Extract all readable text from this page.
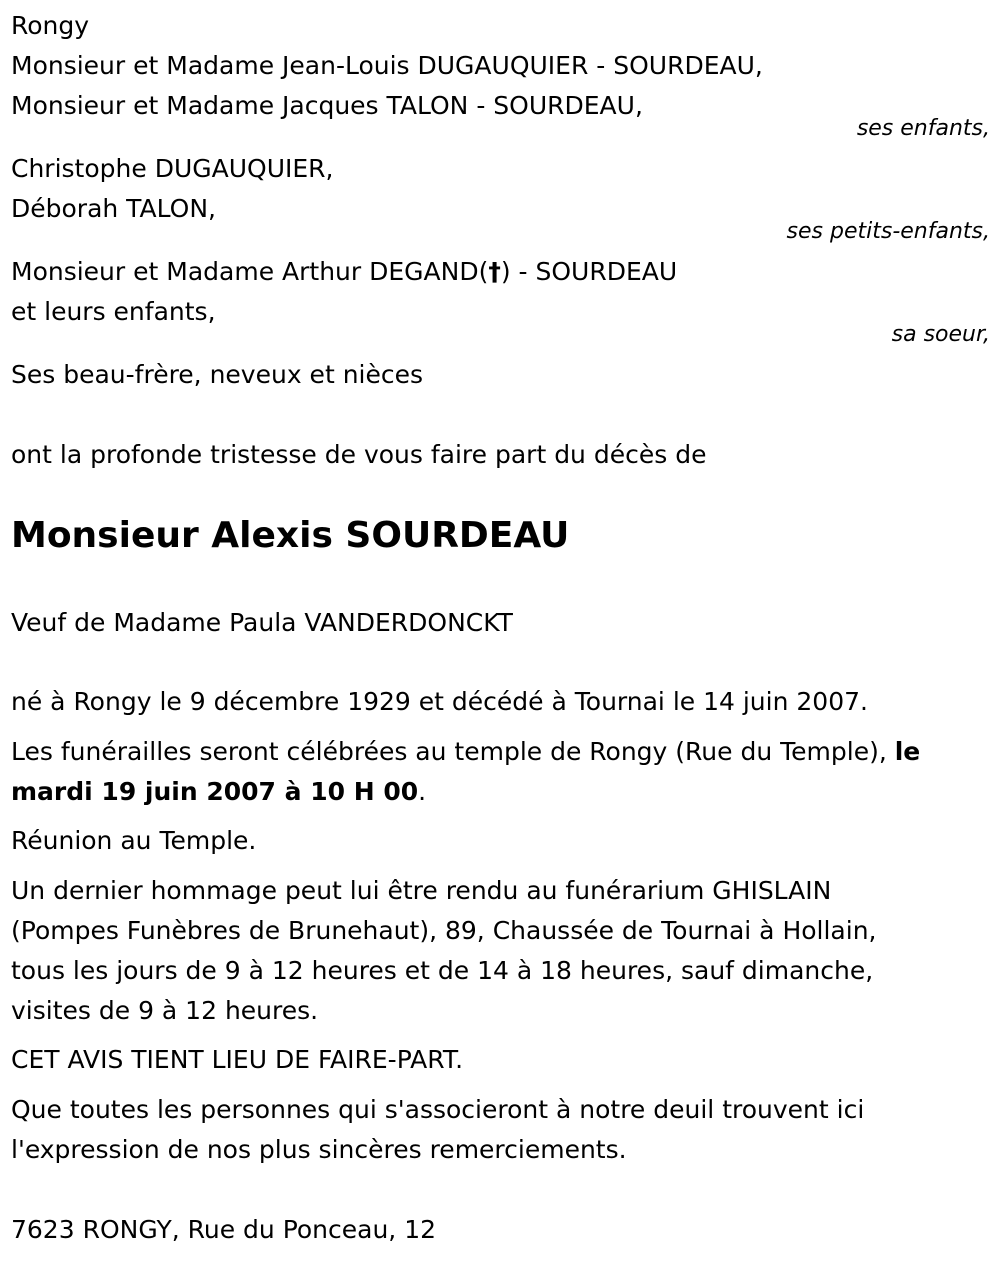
Rongy
Monsieur et Madame Jean-Louis DUGAUQUIER - SOURDEAU,
Monsieur et Madame Jacques TALON - SOURDEAU,
ses enfants,
Christophe DUGAUQUIER,
Déborah TALON,
ses petits-enfants,
Monsieur et Madame Arthur DEGAND(†) - SOURDEAU
et leurs enfants,
sa soeur,
Ses beau-frère, neveux et nièces
ont la profonde tristesse de vous faire part du décès de
Monsieur Alexis SOURDEAU
Veuf de Madame Paula VANDERDONCKT
né à Rongy le 9 décembre 1929 et décédé à Tournai le 14 juin 2007.
Les funérailles seront célébrées au temple de Rongy (Rue du Temple), le mardi 19 juin 2007 à 10 H 00.
Réunion au Temple.
Un dernier hommage peut lui être rendu au funérarium GHISLAIN
(Pompes Funèbres de Brunehaut), 89, Chaussée de Tournai à Hollain,
tous les jours de 9 à 12 heures et de 14 à 18 heures, sauf dimanche,
visites de 9 à 12 heures.
CET AVIS TIENT LIEU DE FAIRE-PART.
Que toutes les personnes qui s'associeront à notre deuil trouvent ici
l'expression de nos plus sincères remerciements.
7623 RONGY, Rue du Ponceau, 12
